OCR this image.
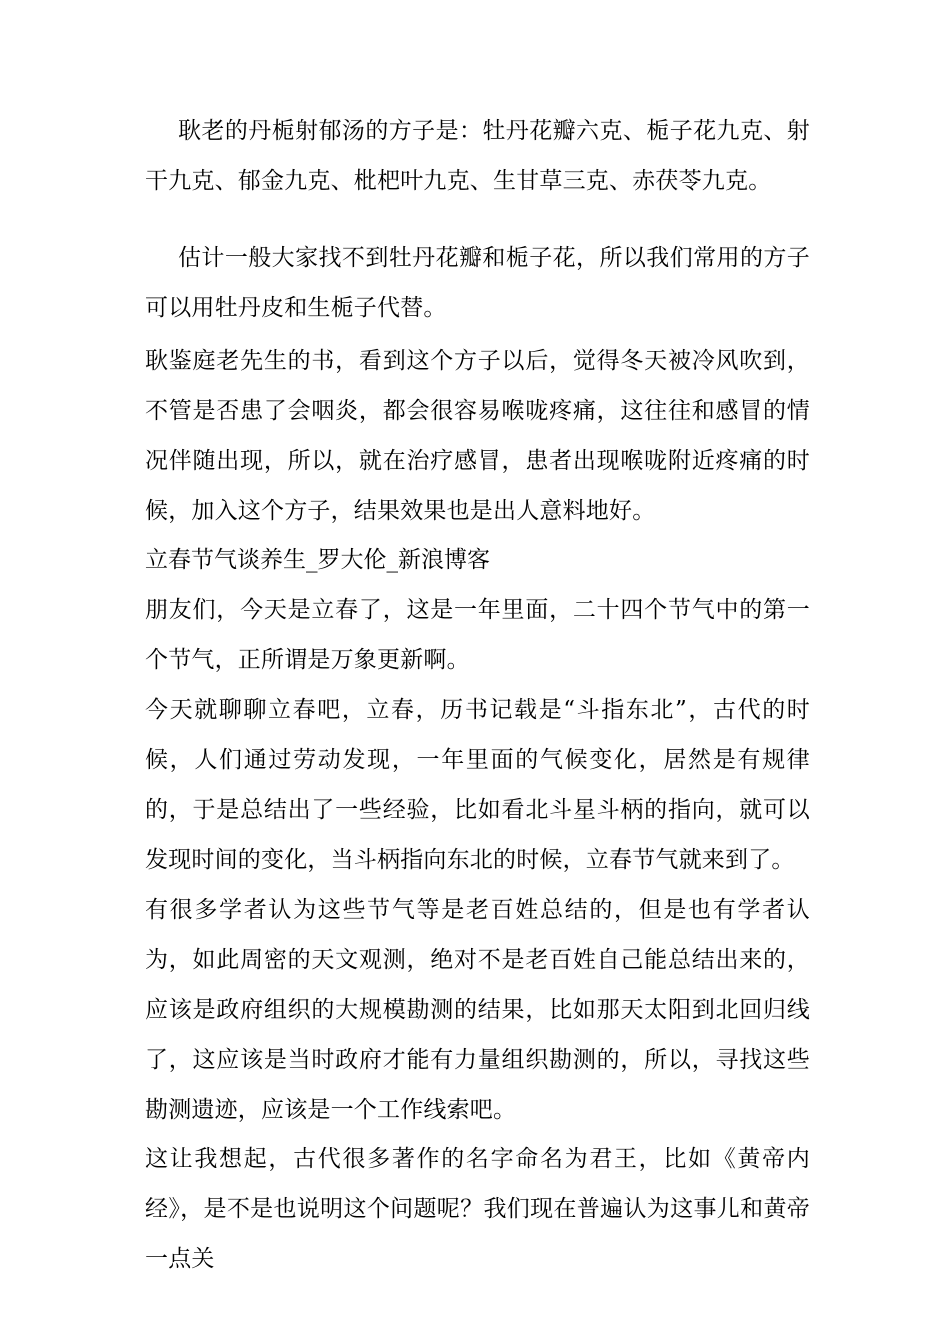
耿老的丹栀射郁汤的方子是：牡丹花瓣六克、栀子花九克、射干九克、郁金九克、枇杷叶九克、生甘草三克、赤茯苓九克。
估计一般大家找不到牡丹花瓣和栀子花，所以我们常用的方子可以用牡丹皮和生栀子代替。
耿鉴庭老先生的书，看到这个方子以后，觉得冬天被冷风吹到，不管是否患了会咽炎，都会很容易喉咙疼痛，这往往和感冒的情况伴随出现，所以，就在治疗感冒，患者出现喉咙附近疼痛的时候，加入这个方子，结果效果也是出人意料地好。
立春节气谈养生_罗大伦_新浪博客
朋友们，今天是立春了，这是一年里面，二十四个节气中的第一个节气，正所谓是万象更新啊。
今天就聊聊立春吧，立春，历书记载是“斗指东北”，古代的时候，人们通过劳动发现，一年里面的气候变化，居然是有规律的，于是总结出了一些经验，比如看北斗星斗柄的指向，就可以发现时间的变化，当斗柄指向东北的时候，立春节气就来到了。
有很多学者认为这些节气等是老百姓总结的，但是也有学者认为，如此周密的天文观测，绝对不是老百姓自己能总结出来的，应该是政府组织的大规模勘测的结果，比如那天太阳到北回归线了，这应该是当时政府才能有力量组织勘测的，所以，寻找这些勘测遗迹，应该是一个工作线索吧。
这让我想起，古代很多著作的名字命名为君王，比如《黄帝内经》，是不是也说明这个问题呢？我们现在普遍认为这事儿和黄帝一点关
